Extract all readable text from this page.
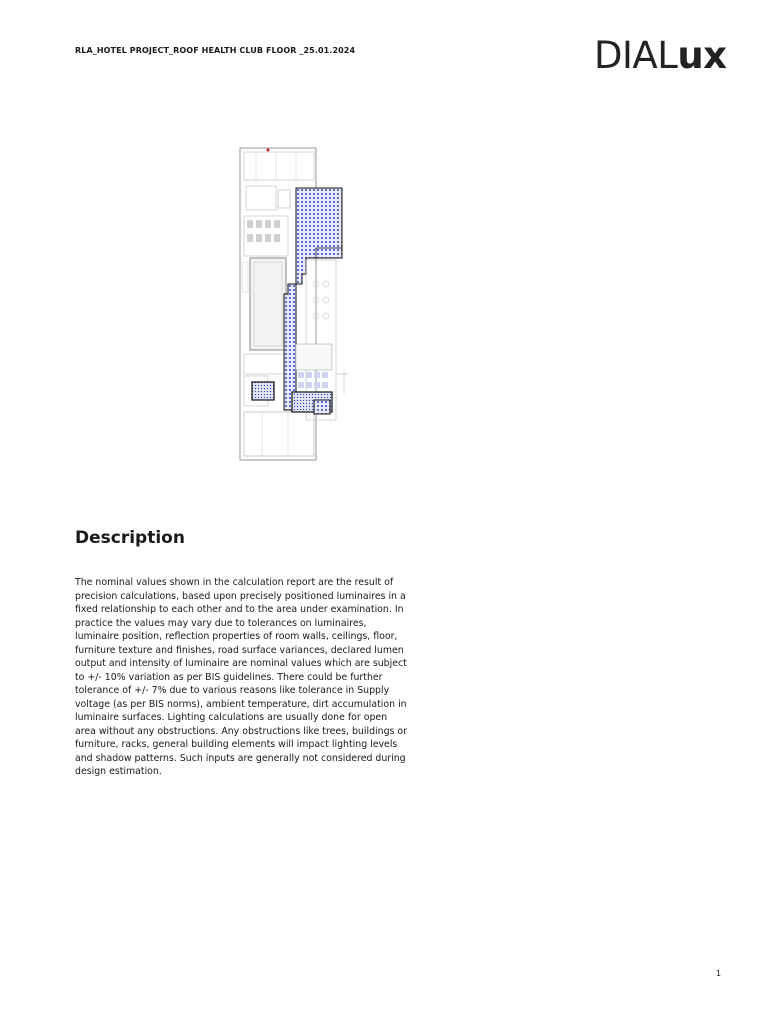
RLA_HOTEL PROJECT_ROOF HEALTH CLUB FLOOR _25.01.2024	DIALux
Description
The nominal values shown in the calculation report are the result of precision calculations, based upon precisely positioned luminaires in a fixed relationship to each other and to the area under examination. In practice the values may vary due to tolerances on luminaires, luminaire position, reflection properties of room walls, ceilings, floor, furniture texture and finishes, road surface variances, declared lumen output and intensity of luminaire are nominal values which are subject to +/- 10% variation as per BIS guidelines. There could be further tolerance of +/- 7% due to various reasons like tolerance in Supply voltage (as per BIS norms), ambient temperature, dirt accumulation in luminaire surfaces. Lighting calculations are usually done for open area without any obstructions. Any obstructions like trees, buildings or furniture, racks, general building elements will impact lighting levels and shadow patterns. Such inputs are generally not considered during design estimation.
1
